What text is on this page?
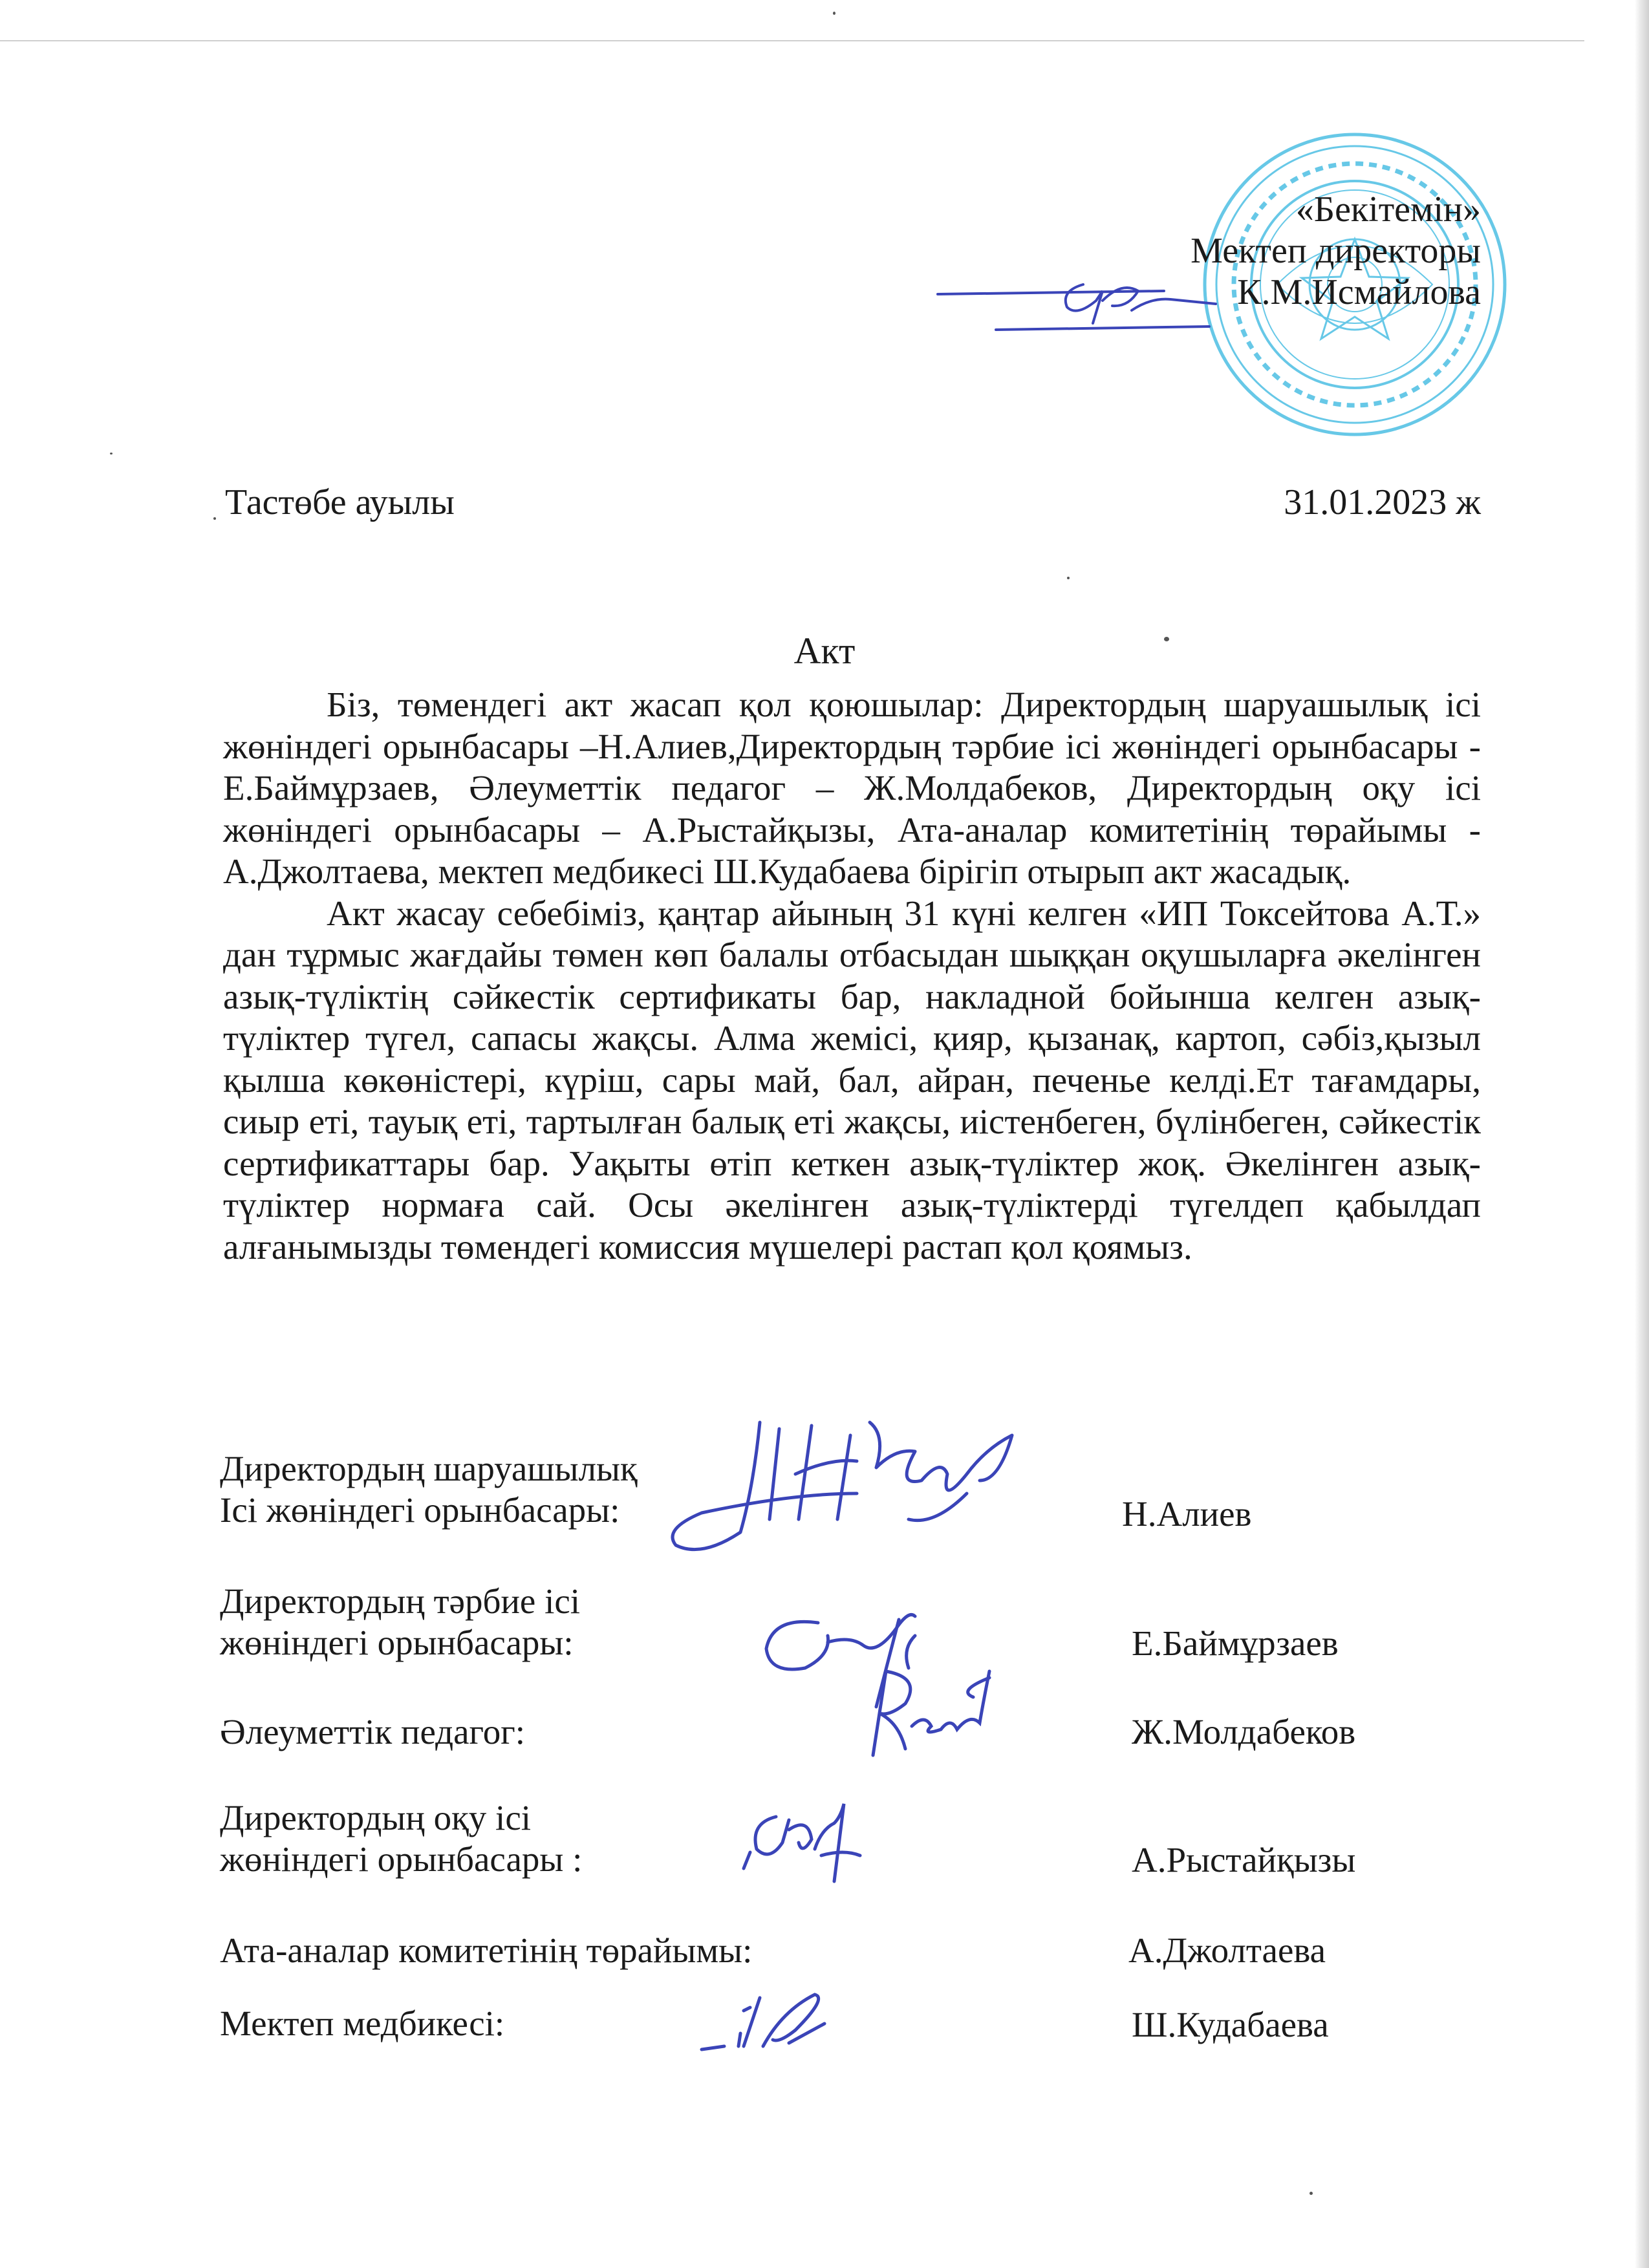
«Бекітемін»
Мектеп директоры
К.М.Исмайлова
Тастөбе ауылы	31.01.2023 ж
Акт

Біз, төмендегі акт жасап қол қоюшылар: Директордың шаруашылық ісі жөніндегі орынбасары –Н.Алиев,Директордың тәрбие ісі жөніндегі орынбасары - Е.Баймұрзаев, Әлеуметтік педагог – Ж.Молдабеков, Директордың оқу ісі жөніндегі орынбасары – А.Рыстайқызы, Ата-аналар комитетінің төрайымы - А.Джолтаева, мектеп медбикесі Ш.Кудабаева бірігіп отырып акт жасадық.

Акт жасау себебіміз, қаңтар айының 31 күні келген «ИП Токсейтова А.Т.» дан тұрмыс жағдайы төмен көп балалы отбасыдан шыққан оқушыларға әкелінген азық-түліктің сәйкестік сертификаты бар, накладной бойынша келген азық-түліктер түгел, сапасы жақсы. Алма жемісі, қияр, қызанақ, картоп, сәбіз,қызыл қылша көкөністері, күріш, сары май, бал, айран, печенье келді.Ет тағамдары, сиыр еті, тауық еті, тартылған балық еті жақсы, иістенбеген, бүлінбеген, сәйкестік сертификаттары бар. Уақыты өтіп кеткен азық-түліктер жоқ. Әкелінген азық-түліктер нормаға сай. Осы әкелінген азық-түліктерді түгелдеп қабылдап алғанымызды төмендегі комиссия мүшелері растап қол қоямыз.

Директордың шаруашылық
Ісі жөніндегі орынбасары:	Н.Алиев
Директордың тәрбие ісі
жөніндегі орынбасары:	Е.Баймұрзаев
Әлеуметтік педагог:	Ж.Молдабеков
Директордың оқу ісі
жөніндегі орынбасары :	А.Рыстайқызы
Ата-аналар комитетінің төрайымы:	А.Джолтаева
Мектеп медбикесі:	Ш.Кудабаева
